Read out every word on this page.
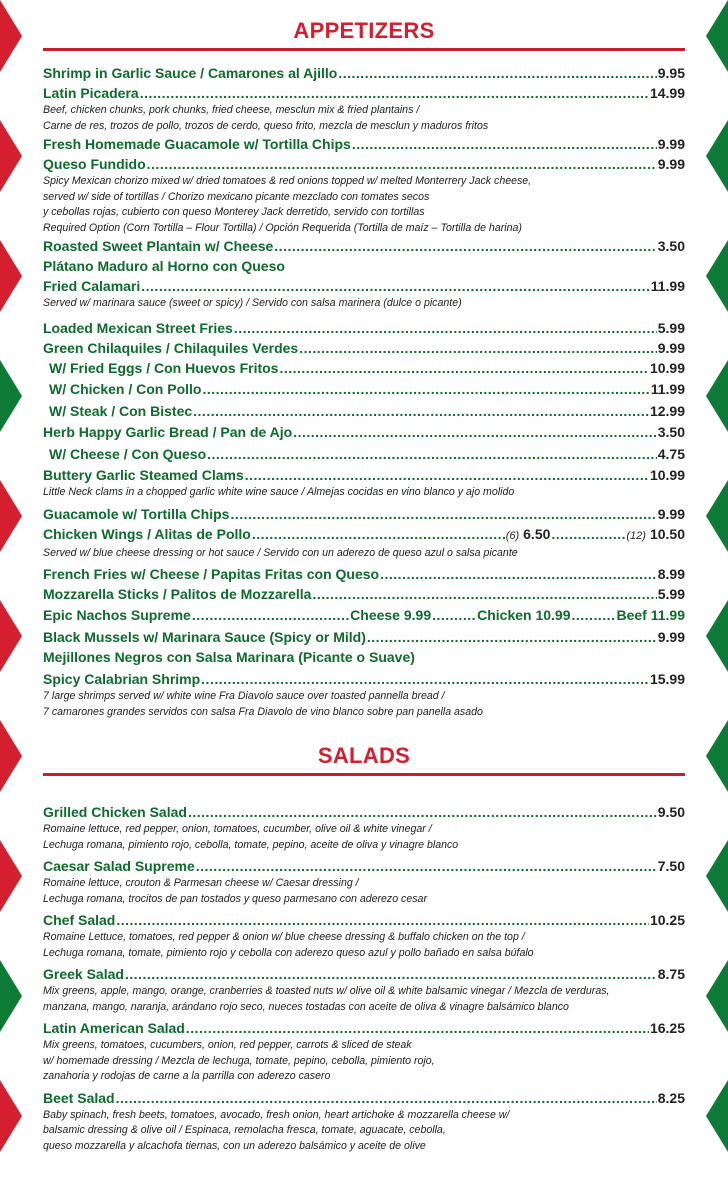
APPETIZERS
Shrimp in Garlic Sauce / Camarones al Ajillo .....	9.95
Latin Picadera .....	14.99
Beef, chicken chunks, pork chunks, fried cheese, mesclun mix & fried plantains /
Carne de res, trozos de pollo, trozos de cerdo, queso frito, mezcla de mesclun y maduros fritos
Fresh Homemade Guacamole w/ Tortilla Chips .....	9.99
Queso Fundido .....	9.99
Spicy Mexican chorizo mixed w/ dried tomatoes & red onions topped w/ melted Monterrery Jack cheese,
served w/ side of tortillas / Chorizo mexicano picante mezclado con tomates secos
y cebollas rojas, cubierto con queso Monterey Jack derretido, servido con tortillas
Required Option (Corn Tortilla – Flour Tortilla) / Opción Requerida (Tortilla de maíz – Tortilla de harina)
Roasted Sweet Plantain w/ Cheese .....	3.50
Plátano Maduro al Horno con Queso
Fried Calamari .....	11.99
Served w/ marinara sauce (sweet or spicy) / Servido con salsa marinera (dulce o picante)
Loaded Mexican Street Fries .....	5.99
Green Chilaquiles / Chilaquiles Verdes .....	9.99
W/ Fried Eggs / Con Huevos Fritos .....	10.99
W/ Chicken / Con Pollo .....	11.99
W/ Steak / Con Bistec .....	12.99
Herb Happy Garlic Bread / Pan de Ajo .....	3.50
W/ Cheese / Con Queso .....	4.75
Buttery Garlic Steamed Clams .....	10.99
Little Neck clams in a chopped garlic white wine sauce / Almejas cocidas en vino blanco y ajo molido
Guacamole w/ Tortilla Chips .....	9.99
Chicken Wings / Alitas de Pollo .....	(6) 6.50 .....	(12) 10.50
Served w/ blue cheese dressing or hot sauce / Servido con un aderezo de queso azul o salsa picante
French Fries w/ Cheese / Papitas Fritas con Queso .....	8.99
Mozzarella Sticks / Palitos de Mozzarella .....	5.99
Epic Nachos Supreme .....	Cheese 9.99 .....	Chicken 10.99 .....	Beef 11.99
Black Mussels w/ Marinara Sauce (Spicy or Mild) .....	9.99
Mejillones Negros con Salsa Marinara (Picante o Suave)
Spicy Calabrian Shrimp .....	15.99
7 large shrimps served w/ white wine Fra Diavolo sauce over toasted pannella bread /
7 camarones grandes servidos con salsa Fra Diavolo de vino blanco sobre pan panella asado
SALADS
Grilled Chicken Salad .....	9.50
Romaine lettuce, red pepper, onion, tomatoes, cucumber, olive oil & white vinegar /
Lechuga romana, pimiento rojo, cebolla, tomate, pepino, aceite de oliva y vinagre blanco
Caesar Salad Supreme .....	7.50
Romaine lettuce, crouton & Parmesan cheese w/ Caesar dressing /
Lechuga romana, trocitos de pan tostados y queso parmesano con aderezo cesar
Chef Salad .....	10.25
Romaine Lettuce, tomatoes, red pepper & onion w/ blue cheese dressing & buffalo chicken on the top /
Lechuga romana, tomate, pimiento rojo y cebolla con aderezo queso azul y pollo bañado en salsa búfalo
Greek Salad .....	8.75
Mix greens, apple, mango, orange, cranberries & toasted nuts w/ olive oil & white balsamic vinegar / Mezcla de verduras,
manzana, mango, naranja, arándano rojo seco, nueces tostadas con aceite de oliva & vinagre balsámico blanco
Latin American Salad .....	16.25
Mix greens, tomatoes, cucumbers, onion, red pepper, carrots & sliced de steak
w/ homemade dressing / Mezcla de lechuga, tomate, pepino, cebolla, pimiento rojo,
zanahoria y rodojas de carne a la parrilla con aderezo casero
Beet Salad .....	8.25
Baby spinach, fresh beets, tomatoes, avocado, fresh onion, heart artichoke & mozzarella cheese w/
balsamic dressing & olive oil / Espinaca, remolacha fresca, tomate, aguacate, cebolla,
queso mozzarella y alcachofa tiernas, con un aderezo balsámico y aceite de olive
